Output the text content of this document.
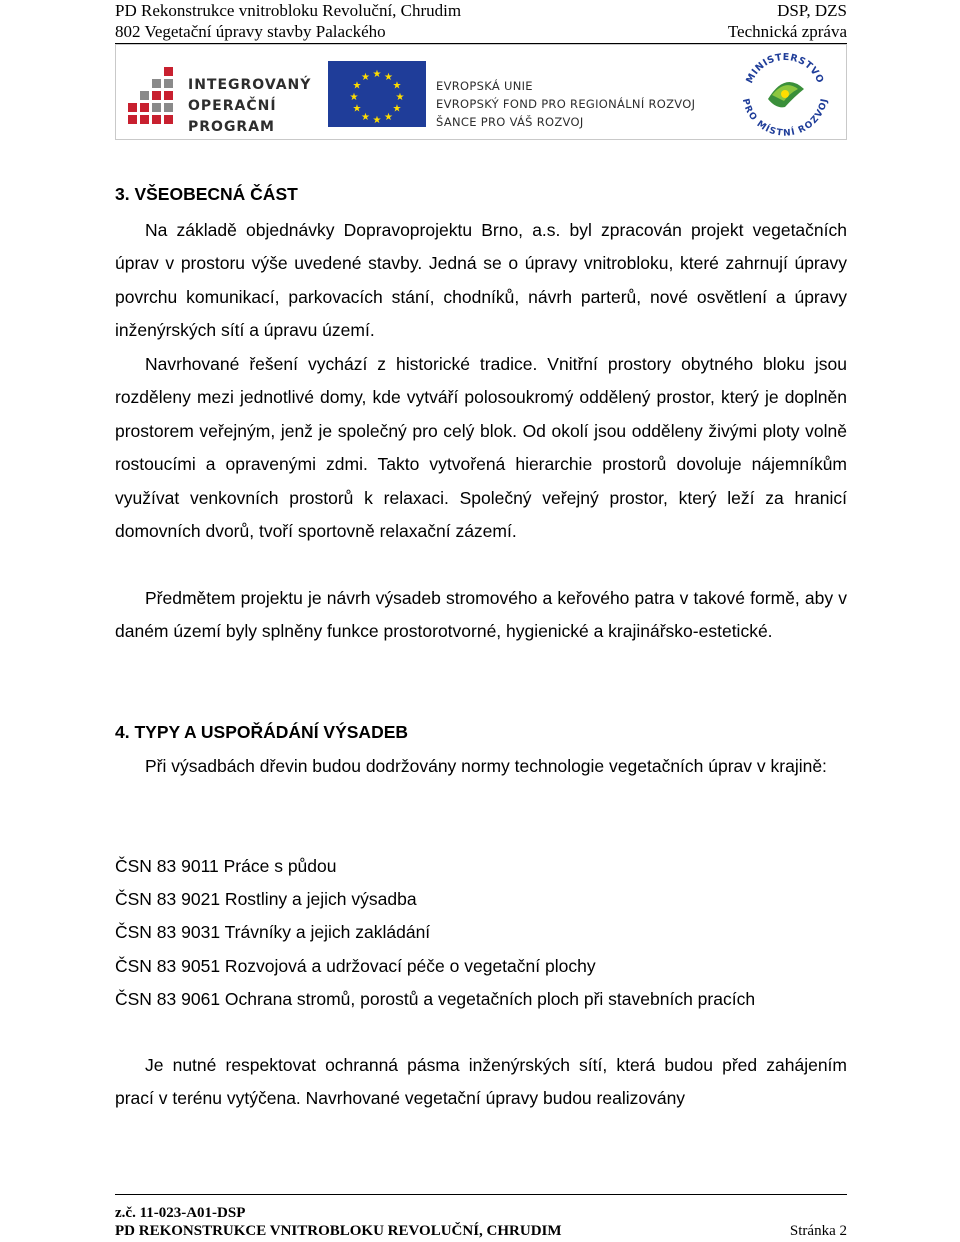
PD Rekonstrukce vnitrobloku Revoluční, Chrudim	DSP, DZS
802 Vegetační úpravy stavby Palackého	Technická zpráva
INTEGROVANÝ
OPERAČNÍ
PROGRAM
★ ★
★
★
★
★
★
★
★
★
★
★
EVROPSKÁ UNIE
EVROPSKÝ FOND PRO REGIONÁLNÍ ROZVOJ
ŠANCE PRO VÁŠ ROZVOJ
MINISTERSTVO
PRO MÍSTNÍ ROZVOJ
3. VŠEOBECNÁ ČÁST

Na základě objednávky Dopravoprojektu Brno, a.s. byl zpracován projekt vegetačních úprav v prostoru výše uvedené stavby. Jedná se o úpravy vnitrobloku, které zahrnují úpravy povrchu komunikací, parkovacích stání, chodníků, návrh parterů, nové osvětlení a úpravy inženýrských sítí a úpravu území.

Navrhované řešení vychází z historické tradice. Vnitřní prostory obytného bloku jsou rozděleny mezi jednotlivé domy, kde vytváří polosoukromý oddělený prostor, který je doplněn prostorem veřejným, jenž je společný pro celý blok. Od okolí jsou odděleny živými ploty volně rostoucími a opravenými zdmi. Takto vytvořená hierarchie prostorů dovoluje nájemníkům využívat venkovních prostorů k relaxaci. Společný veřejný prostor, který leží za hranicí domovních dvorů, tvoří sportovně relaxační zázemí.

Předmětem projektu je návrh výsadeb stromového a keřového patra v takové formě, aby v daném území byly splněny funkce prostorotvorné, hygienické a krajinářsko-estetické.

4. TYPY A USPOŘÁDÁNÍ VÝSADEB

Při výsadbách dřevin budou dodržovány normy technologie vegetačních úprav v krajině:

ČSN 83 9011 Práce s půdou
ČSN 83 9021 Rostliny a jejich výsadba
ČSN 83 9031 Trávníky a jejich zakládání
ČSN 83 9051 Rozvojová a udržovací péče o vegetační plochy
ČSN 83 9061 Ochrana stromů, porostů a vegetačních ploch při stavebních pracích

Je nutné respektovat ochranná pásma inženýrských sítí, která budou před zahájením prací v terénu vytýčena. Navrhované vegetační úpravy budou realizovány

z.č. 11-023-A01-DSP
PD REKONSTRUKCE VNITROBLOKU REVOLUČNÍ, CHRUDIM	Stránka 2
